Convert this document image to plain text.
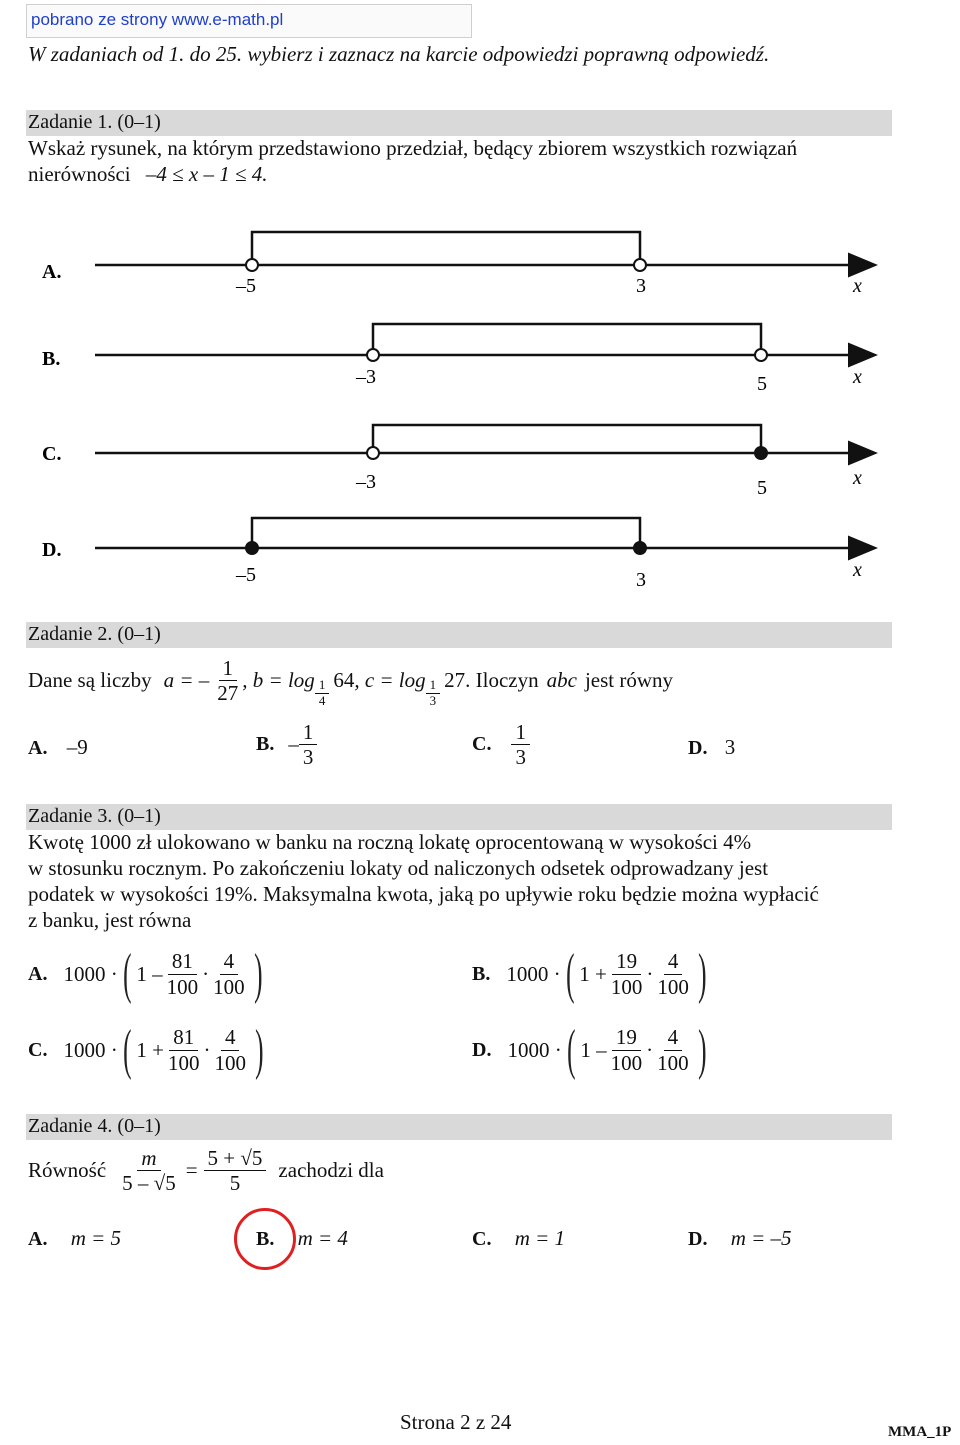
pobrano ze strony www.e-math.pl
W zadaniach od 1. do 25. wybierz i zaznacz na karcie odpowiedzi poprawną odpowiedź.
Zadanie 1. (0–1)
Wskaż rysunek, na którym przedstawiono przedział, będący zbiorem wszystkich rozwiązań
nierówności –4 ≤ x – 1 ≤ 4.
A.
–5	3	x
B.
–3	5	x
C.
–3	5	x
D.
–5	3	x
Zadanie 2. (0–1)
Dane są liczby a = – $\frac{1}{27}$ , $b = \log \frac{1}{4} 64$ , $c = \log \frac{1}{3} 27$ . Iloczyn abc jest równy
A. –9	B. – $\frac{1}{3}$	C. $\frac{1}{3}$	D. 3
Zadanie 3. (0–1)
Kwotę 1000 zł ulokowano w banku na roczną lokatę oprocentowaną w wysokości 4%
w stosunku rocznym. Po zakończeniu lokaty od naliczonych odsetek odprowadzany jest
podatek w wysokości 19%. Maksymalna kwota, jaką po upływie roku będzie można wypłacić
z banku, jest równa
A. 1000 · ( $1 - \frac{81}{100} \cdot \frac{4}{100}$ )	B. 1000 · ( $1 + \frac{19}{100} \cdot \frac{4}{100}$ )
C. 1000 · ( $1 + \frac{81}{100} \cdot \frac{4}{100}$ )	D. 1000 · ( $1 - \frac{19}{100} \cdot \frac{4}{100}$ )
Zadanie 4. (0–1)
Równość $\frac{m}{5 - √5} = \frac{5 + √5}{5}$ zachodzi dla
A. m = 5	B. m = 4	C. m = 1	D. m = –5
Strona 2 z 24	MMA_1P
